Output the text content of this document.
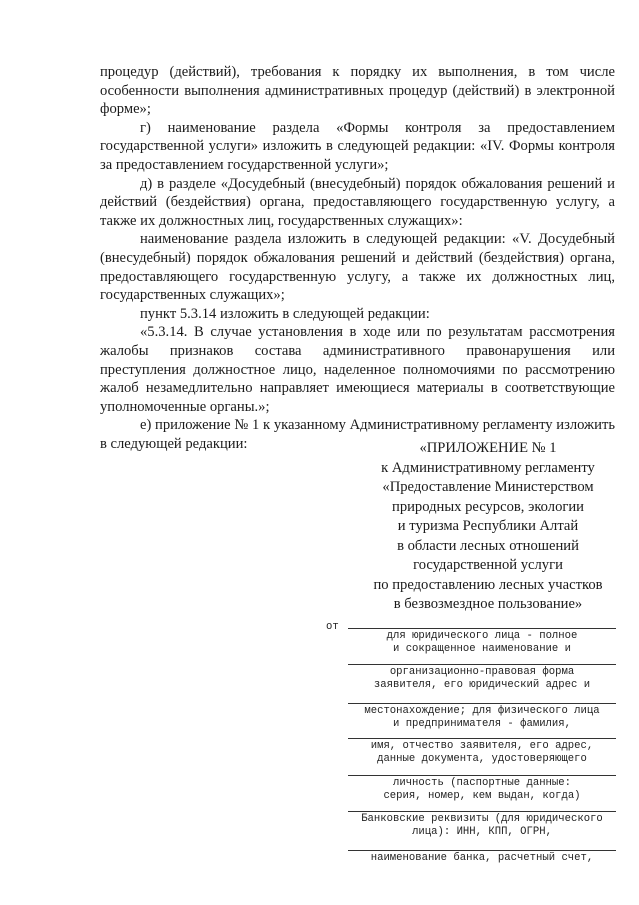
процедур (действий), требования к порядку их выполнения, в том числе особенности выполнения административных процедур (действий) в электронной форме»;

г) наименование раздела «Формы контроля за предоставлением государственной услуги» изложить в следующей редакции: «IV. Формы контроля за предоставлением государственной услуги»;

д) в разделе «Досудебный (внесудебный) порядок обжалования решений и действий (бездействия) органа, предоставляющего государственную услугу, а также их должностных лиц, государственных служащих»:

наименование раздела изложить в следующей редакции: «V. Досудебный (внесудебный) порядок обжалования решений и действий (бездействия) органа, предоставляющего государственную услугу, а также их должностных лиц, государственных служащих»;

пункт 5.3.14 изложить в следующей редакции:

«5.3.14. В случае установления в ходе или по результатам рассмотрения жалобы признаков состава административного правонарушения или преступления должностное лицо, наделенное полномочиями по рассмотрению жалоб незамедлительно направляет имеющиеся материалы в соответствующие уполномоченные органы.»;

е) приложение № 1 к указанному Административному регламенту изложить в следующей редакции:	«ПРИЛОЖЕНИЕ № 1
к Административному регламенту
«Предоставление Министерством
природных ресурсов, экологии
и туризма Республики Алтай
в области лесных отношений
государственной услуги
по предоставлению лесных участков
в безвозмездное пользование»
от
для юридического лица - полное
и сокращенное наименование и
организационно-правовая форма
заявителя, его юридический адрес и
местонахождение; для физического лица
и предпринимателя - фамилия,
имя, отчество заявителя, его адрес,
данные документа, удостоверяющего
личность (паспортные данные:
серия, номер, кем выдан, когда)
Банковские реквизиты (для юридического
лица): ИНН, КПП, ОГРН,
наименование банка, расчетный счет,
